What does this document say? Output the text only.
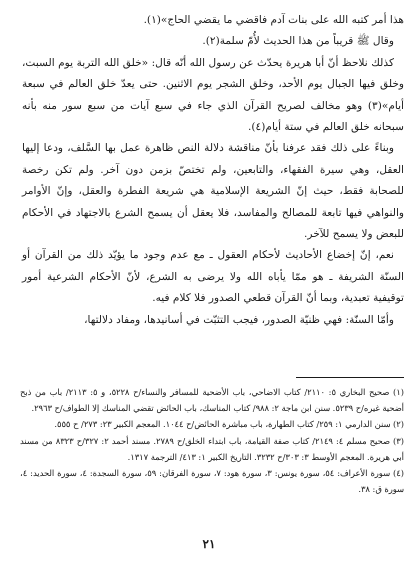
هذا أمر كتبه الله على بنات آدم فاقضي ما يقضي الحاج»(١).

وقال ﷺ قريباً من هذا الحديث لأُمّ سلمة(٢).

كذلك نلاحظ أنّ أبا هريرة يحدّث عن رسول الله أنّه قال: «خلق الله التربة يوم السبت، وخلق فيها الجبال يوم الأحد، وخلق الشجر يوم الاثنين. حتى يعدّ خلق العالم في سبعة أيام»(٣) وهو مخالف لصريح القرآن الذي جاء في سبع آيات من سبع سور منه بأنه سبحانه خلق العالم في ستة أيام(٤).

وبناءً على ذلك فقد عرفنا بأنّ مناقشة دلالة النص ظاهرة عمل بها السَّلف، ودعا إليها العقل، وهي سيرة الفقهاء، والتابعين، ولم تختصّ بزمن دون آخر. ولم تكن رخصة للصحابة فقط، حيث إنّ الشريعة الإسلامية هي شريعة الفطرة والعقل، وإنّ الأوامر والنواهي فيها تابعة للمصالح والمفاسد، فلا يعقل أن يسمح الشرع بالاجتهاد في الأحكام للبعض ولا يسمح للآخر.

نعم، إنّ إخضاع الأحاديث لأحكام العقول ـ مع عدم وجود ما يؤيّد ذلك من القرآن أو السنّة الشريفة ـ هو ممّا يأباه الله ولا يرضى به الشرع، لأنّ الأحكام الشرعية أمور توقيفية تعبدية، وبما أنّ القرآن قطعي الصدور فلا كلام فيه.

وأمّا السنّة: فهي ظنيّة الصدور، فيجب التثبّت في أسانيدها، ومفاد دلالتها،

(١) صحيح البخاري ٥: ٢١١٠/ كتاب الاضاحي، باب الأضحية للمسافر والنساء/ح ٥٢٢٨، و ٥: ٢١١٣/ باب من ذبح أضحية غيره/ح ٥٢٣٩. سنن ابن ماجة ٢: ٩٨٨/ كتاب المناسك، باب الحائض تقضي المناسك إلا الطواف/ح ٢٩٦٣.

(٢) سنن الدارمي ١: ٢٥٩/ كتاب الطهارة، باب مباشرة الحائض/ح ١٠٤٤. المعجم الكبير ٢٣: ٢٧٣/ ح ٥٥٥.

(٣) صحيح مسلم ٤: ٢١٤٩/ كتاب صفة القيامة، باب ابتداء الخلق/ح ٢٧٨٩. مسند أحمد ٢: ٣٢٧/ح ٨٣٢٣ من مسند أبي هريرة. المعجم الأوسط ٣: ٣٠٣/ح ٣٢٣٢. التاريخ الكبير ١: ٤١٣/ الترجمة ١٣١٧.

(٤) سورة الأعراف: ٥٤، سورة يونس: ٣، سورة هود: ٧، سورة الفرقان: ٥٩، سورة السجدة: ٤، سورة الحديد: ٤، سورة ق: ٣٨.

٢١
